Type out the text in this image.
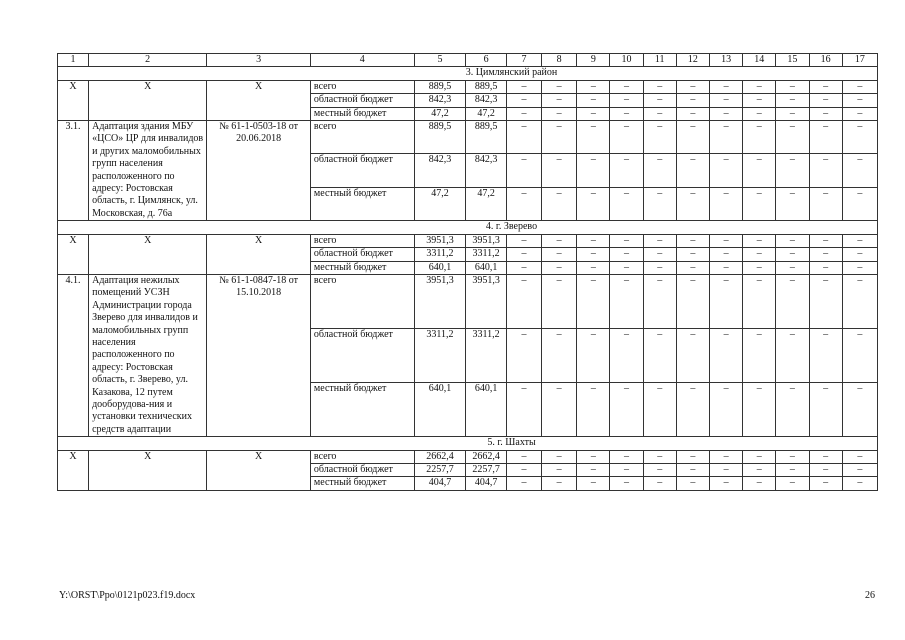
1	2	3	4	5	6	7	8	9	10	11	12	13	14	15	16	17
3. Цимлянский район																
Х	Х	Х	всего	889,5	889,5	–	–	–	–	–	–	–	–	–	–	–
			областной бюджет	842,3	842,3	–	–	–	–	–	–	–	–	–	–	–
			местный бюджет	47,2	47,2	–	–	–	–	–	–	–	–	–	–	–
3.1.	Адаптация здания МБУ «ЦСО» ЦР для инвалидов и других маломобильных групп населения расположенного по адресу: Ростовская область, г. Цимлянск, ул. Московская, д. 76а	№ 61-1-0503-18 от 20.06.2018	всего	889,5	889,5	–	–	–	–	–	–	–	–	–	–	–
			областной бюджет	842,3	842,3	–	–	–	–	–	–	–	–	–	–	–
			местный бюджет	47,2	47,2	–	–	–	–	–	–	–	–	–	–	–
4. г. Зверево																
Х	Х	Х	всего	3951,3	3951,3	–	–	–	–	–	–	–	–	–	–	–
			областной бюджет	3311,2	3311,2	–	–	–	–	–	–	–	–	–	–	–
			местный бюджет	640,1	640,1	–	–	–	–	–	–	–	–	–	–	–
4.1.	Адаптация нежилых помещений УСЗН Администрации города Зверево для инвалидов и маломобильных групп населения расположенного по адресу: Ростовская область, г. Зверево, ул. Казакова, 12 путем дооборудова-ния и установки технических средств адаптации	№ 61-1-0847-18 от 15.10.2018	всего	3951,3	3951,3	–	–	–	–	–	–	–	–	–	–	–
			областной бюджет	3311,2	3311,2	–	–	–	–	–	–	–	–	–	–	–
			местный бюджет	640,1	640,1	–	–	–	–	–	–	–	–	–	–	–
5. г. Шахты																
Х	Х	Х	всего	2662,4	2662,4	–	–	–	–	–	–	–	–	–	–	–
			областной бюджет	2257,7	2257,7	–	–	–	–	–	–	–	–	–	–	–
			местный бюджет	404,7	404,7	–	–	–	–	–	–	–	–	–	–	–
Y:\ORST\Ppo\0121p023.f19.docx	26
